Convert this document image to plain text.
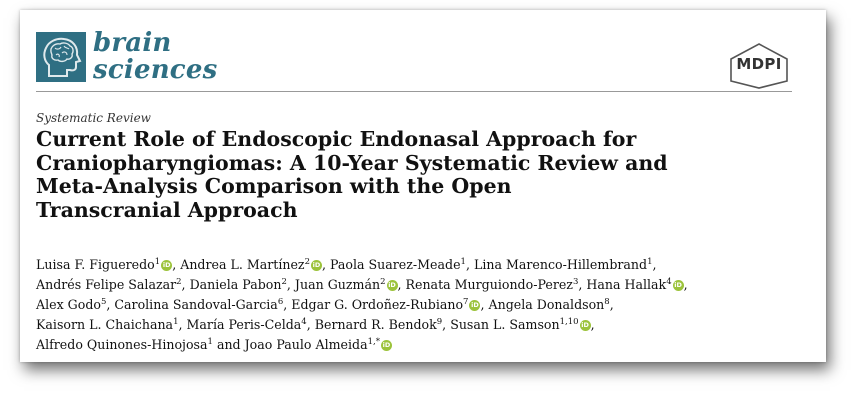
brain
sciences	MDPI
Systematic Review
Current Role of Endoscopic Endonasal Approach for
Craniopharyngiomas: A 10-Year Systematic Review and
Meta-Analysis Comparison with the Open
Transcranial Approach
Luisa F. Figueredo$^1$ iD , Andrea L. Martínez$^2$ iD , Paola Suarez-Meade$^1$, Lina Marenco-Hillembrand$^1$,
Andrés Felipe Salazar$^2$, Daniela Pabon$^2$, Juan Guzmán$^2$ iD , Renata Murguiondo-Perez$^3$, Hana Hallak$^4$ iD ,
Alex Godo$^5$, Carolina Sandoval-Garcia$^6$, Edgar G. Ordoñez-Rubiano$^7$ iD , Angela Donaldson$^8$,
Kaisorn L. Chaichana$^1$, María Peris-Celda$^4$, Bernard R. Bendok$^9$, Susan L. Samson$^{1,10}$ iD ,
Alfredo Quinones-Hinojosa$^1$ and Joao Paulo Almeida$^{1,*}$ iD
